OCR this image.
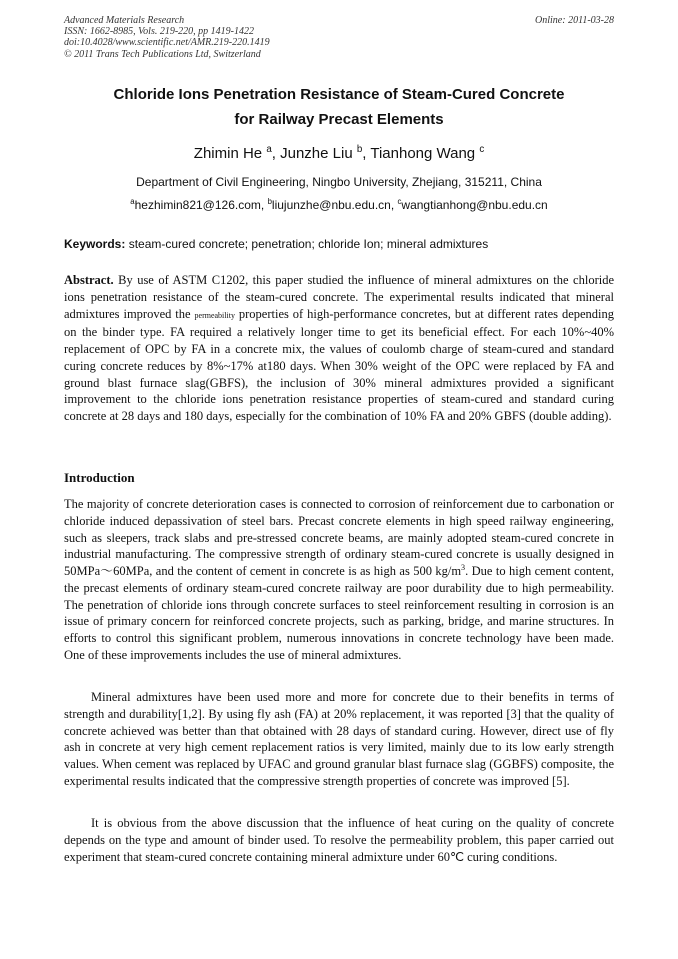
Advanced Materials Research
ISSN: 1662-8985, Vols. 219-220, pp 1419-1422
doi:10.4028/www.scientific.net/AMR.219-220.1419
© 2011 Trans Tech Publications Ltd, Switzerland
Online: 2011-03-28
Chloride Ions Penetration Resistance of Steam-Cured Concrete
for Railway Precast Elements
Zhimin He $^a$, Junzhe Liu $^b$, Tianhong Wang $^c$
Department of Civil Engineering, Ningbo University, Zhejiang, 315211, China
$^a$hezhimin821@126.com, $^b$liujunzhe@nbu.edu.cn, $^c$wangtianhong@nbu.edu.cn
Keywords: steam-cured concrete; penetration; chloride Ion; mineral admixtures
Abstract. By use of ASTM C1202, this paper studied the influence of mineral admixtures on the chloride ions penetration resistance of the steam-cured concrete. The experimental results indicated that mineral admixtures improved the permeability properties of high-performance concretes, but at different rates depending on the binder type. FA required a relatively longer time to get its beneficial effect. For each 10%~40% replacement of OPC by FA in a concrete mix, the values of coulomb charge of steam-cured and standard curing concrete reduces by 8%~17% at180 days. When 30% weight of the OPC were replaced by FA and ground blast furnace slag(GBFS), the inclusion of 30% mineral admixtures provided a significant improvement to the chloride ions penetration resistance properties of steam-cured and standard curing concrete at 28 days and 180 days, especially for the combination of 10% FA and 20% GBFS (double adding).
Introduction
The majority of concrete deterioration cases is connected to corrosion of reinforcement due to carbonation or chloride induced depassivation of steel bars. Precast concrete elements in high speed railway engineering, such as sleepers, track slabs and pre-stressed concrete beams, are mainly adopted steam-cured concrete in industrial manufacturing. The compressive strength of ordinary steam-cured concrete is usually designed in 50MPa～60MPa, and the content of cement in concrete is as high as 500 $kg/m^3$. Due to high cement content, the precast elements of ordinary steam-cured concrete railway are poor durability due to high permeability. The penetration of chloride ions through concrete surfaces to steel reinforcement resulting in corrosion is an issue of primary concern for reinforced concrete projects, such as parking, bridge, and marine structures. In efforts to control this significant problem, numerous innovations in concrete technology have been made. One of these improvements includes the use of mineral admixtures.
Mineral admixtures have been used more and more for concrete due to their benefits in terms of strength and durability[1,2]. By using fly ash (FA) at 20% replacement, it was reported [3] that the quality of concrete achieved was better than that obtained with 28 days of standard curing. However, direct use of fly ash in concrete at very high cement replacement ratios is very limited, mainly due to its low early strength values. When cement was replaced by UFAC and ground granular blast furnace slag (GGBFS) composite, the experimental results indicated that the compressive strength properties of concrete was improved [5].
It is obvious from the above discussion that the influence of heat curing on the quality of concrete depends on the type and amount of binder used. To resolve the permeability problem, this paper carried out experiment that steam-cured concrete containing mineral admixture under 60℃ curing conditions.
